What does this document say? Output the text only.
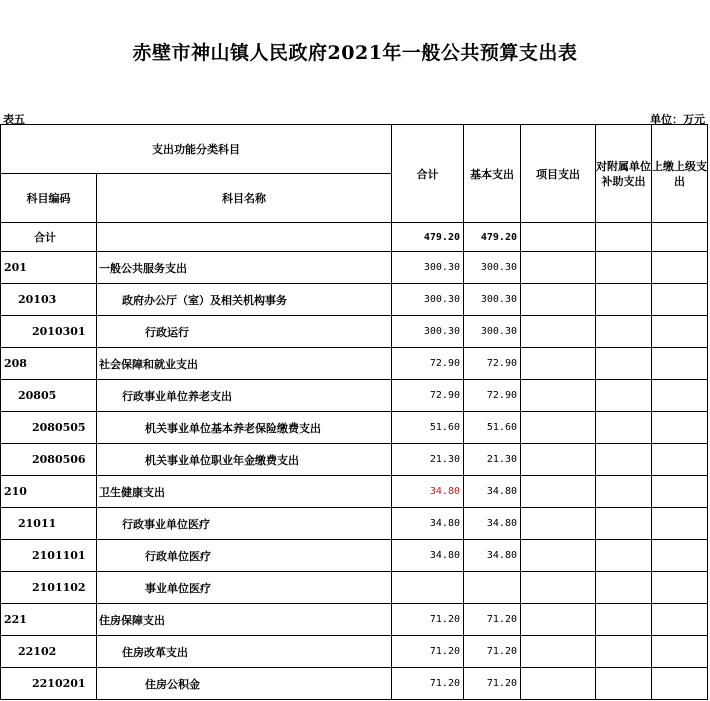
赤壁市神山镇人民政府2021年一般公共预算支出表
表五	单位：万元
支出功能分类科目		合计	基本支出	项目支出	对附属单位补助支出	上缴上级支出
科目编码	科目名称					
合计		479.20	479.20			
201	一般公共服务支出	300.30	300.30			
20103	政府办公厅（室）及相关机构事务	300.30	300.30			
2010301	行政运行	300.30	300.30			
208	社会保障和就业支出	72.90	72.90			
20805	行政事业单位养老支出	72.90	72.90			
2080505	机关事业单位基本养老保险缴费支出	51.60	51.60			
2080506	机关事业单位职业年金缴费支出	21.30	21.30			
210	卫生健康支出	34.80	34.80			
21011	行政事业单位医疗	34.80	34.80			
2101101	行政单位医疗	34.80	34.80			
2101102	事业单位医疗					
221	住房保障支出	71.20	71.20			
22102	住房改革支出	71.20	71.20			
2210201	住房公积金	71.20	71.20			
